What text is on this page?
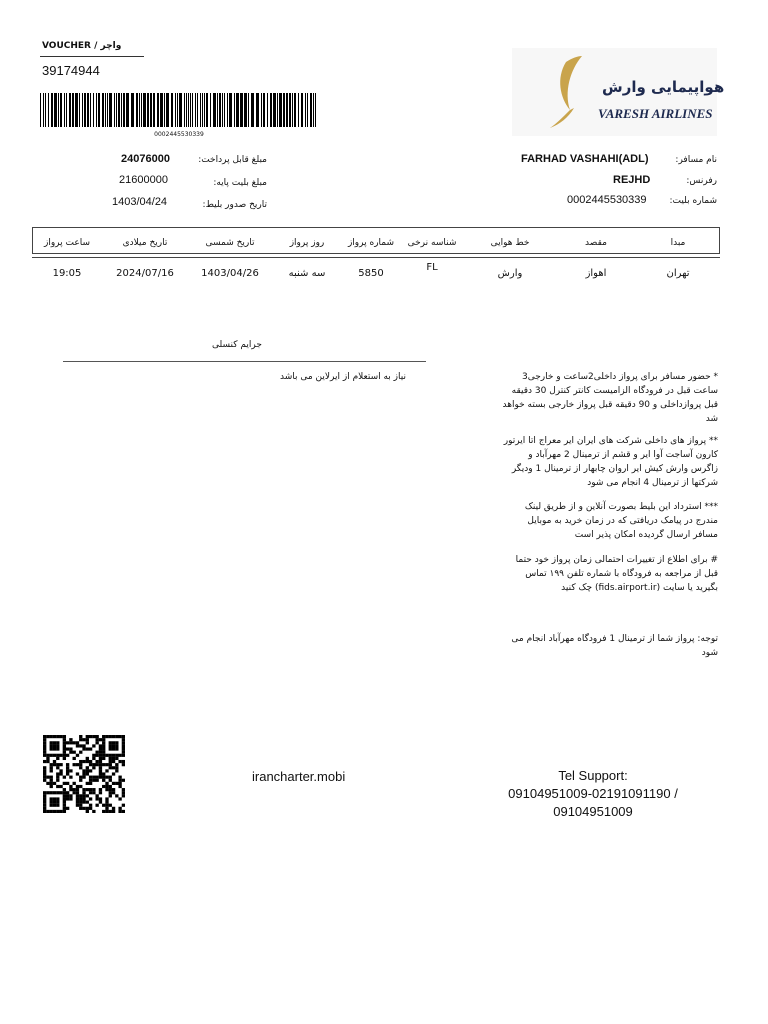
VOUCHER / واچر
39174944
0002445530339
هواپیمایی وارش
VARESH AIRLINES
مبلغ قابل پرداخت:
24076000
مبلغ بلیت پایه:
21600000
تاریخ صدور بلیط:
1403/04/24
نام مسافر:
FARHAD VASHAHI(ADL)
رفرنس:
REJHD
شماره بلیت:
0002445530339
ساعت پرواز	تاریخ میلادی	تاریخ شمسی	روز پرواز	شماره پرواز	شناسه نرخی	خط هوایی	مقصد	مبدا
19:05	2024/07/16	1403/04/26	سه شنبه	5850	FL	وارش	اهواز	تهران
جرایم کنسلی
نیاز به استعلام از ایرلاین می باشد	* حضور مسافر برای پرواز داخلی2ساعت و خارجی3 ساعت قبل در فرودگاه الزامیست کانتر کنترل 30 دقیقه قبل پروازداخلی و 90 دقیقه قبل پرواز خارجی بسته خواهد شد
** پرواز های داخلی شرکت های ایران ایر معراج اتا ایرتور کارون آساجت آوا ایر و قشم از ترمینال 2 مهرآباد و زاگرس وارش کیش ایر اروان چابهار از ترمینال 1 ودیگر شرکتها از ترمینال 4 انجام می شود
*** استرداد این بلیط بصورت آنلاین و از طریق لینک مندرج در پیامک دریافتی که در زمان خرید به موبایل مسافر ارسال گردیده امکان پذیر است
# برای اطلاع از تغییرات احتمالی زمان پرواز خود حتما قبل از مراجعه به فرودگاه با شماره تلفن ۱۹۹ تماس بگیرید یا سایت (fids.airport.ir) چک کنید
توجه: پرواز شما از ترمینال 1 فرودگاه مهرآباد انجام می شود
irancharter.mobi	Tel Support:
09104951009-02191091190 /
09104951009
